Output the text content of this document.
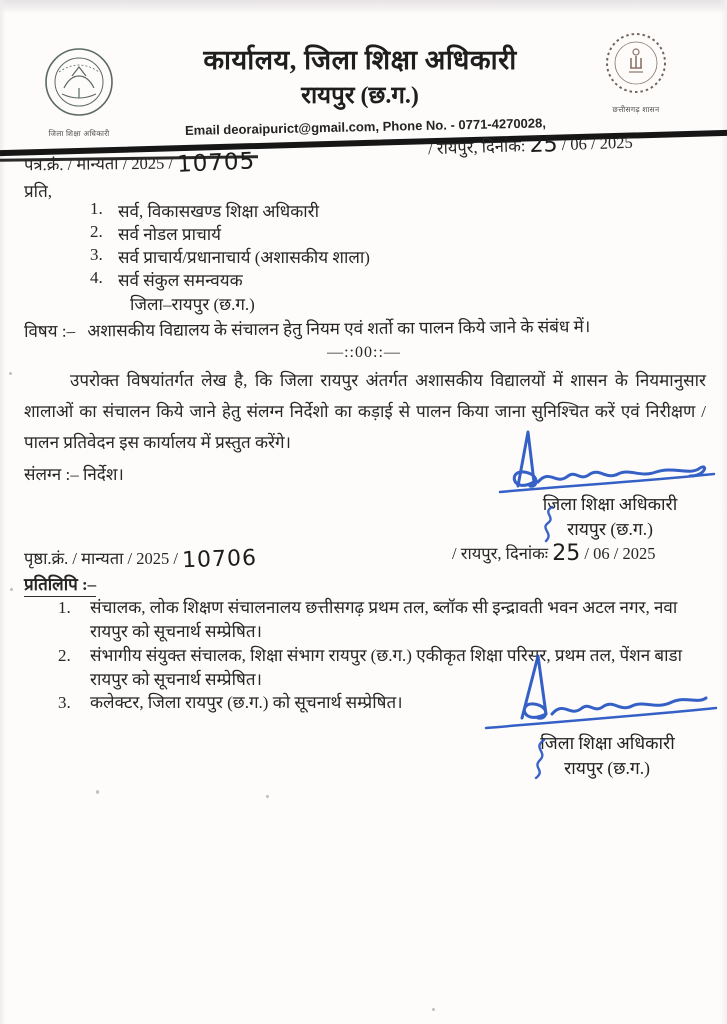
जिला शिक्षा अधिकारी
कार्यालय, जिला शिक्षा अधिकारी
रायपुर (छ.ग.)
छत्तीसगढ़ शासन
Email deoraipurict@gmail.com, Phone No. - 0771-4270028,
पत्र.क्रं. / मान्यता / 2025 / 10705
/ रायपुर, दिनांक: 25 / 06 / 2025
प्रति,
1. सर्व, विकासखण्ड शिक्षा अधिकारी
2. सर्व नोडल प्राचार्य
3. सर्व प्राचार्य/प्रधानाचार्य (अशासकीय शाला)
4. सर्व संकुल समन्वयक
जिला–रायपुर (छ.ग.)
विषय :– अशासकीय विद्यालय के संचालन हेतु नियम एवं शर्तो का पालन किये जाने के संबंध में।
—::00::—
उपरोक्त विषयांतर्गत लेख है, कि जिला रायपुर अंतर्गत अशासकीय विद्यालयों में शासन के नियमानुसार शालाओं का संचालन किये जाने हेतु संलग्न निर्देशो का कड़ाई से पालन किया जाना सुनिश्चित करें एवं निरीक्षण / पालन प्रतिवेदन इस कार्यालय में प्रस्तुत करेंगे।
संलग्न :– निर्देश।
जिला शिक्षा अधिकारी
रायपुर (छ.ग.)
पृष्ठा.क्रं. / मान्यता / 2025 / 10706	/ रायपुर, दिनांकः 25 / 06 / 2025
प्रतिलिपि :–
1.	संचालक, लोक शिक्षण संचालनालय छत्तीसगढ़ प्रथम तल, ब्लॉक सी इन्द्रावती भवन अटल नगर, नवा रायपुर को सूचनार्थ सम्प्रेषित।
2.	संभागीय संयुक्त संचालक, शिक्षा संभाग रायपुर (छ.ग.) एकीकृत शिक्षा परिसर, प्रथम तल, पेंशन बाडा रायपुर को सूचनार्थ सम्प्रेषित।
3.	कलेक्टर, जिला रायपुर (छ.ग.) को सूचनार्थ सम्प्रेषित।
जिला शिक्षा अधिकारी
रायपुर (छ.ग.)
